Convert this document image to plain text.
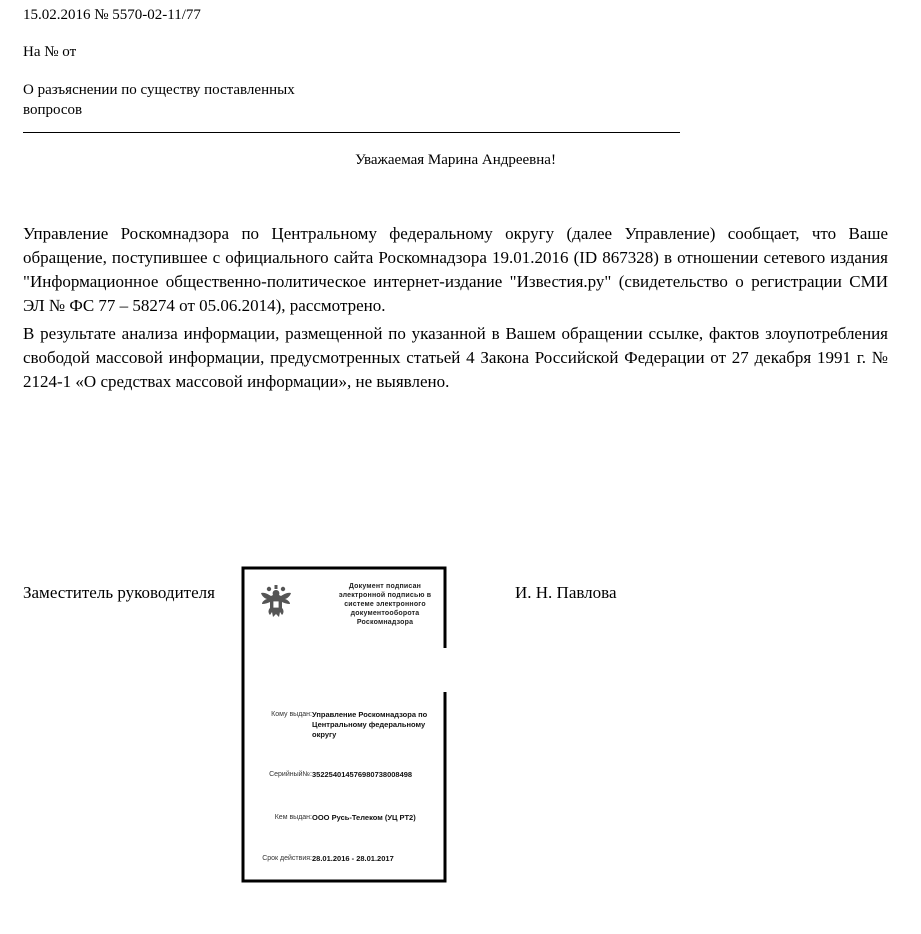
15.02.2016 № 5570-02-11/77
На № от
О разъяснении по существу поставленных вопросов
Уважаемая Марина Андреевна!

Управление Роскомнадзора по Центральному федеральному округу (далее Управление) сообщает, что Ваше обращение, поступившее с официального сайта Роскомнадзора 19.01.2016 (ID 867328) в отношении сетевого издания "Информационное общественно-политическое интернет-издание "Известия.ру" (свидетельство о регистрации СМИ ЭЛ № ФС 77 – 58274 от 05.06.2014), рассмотрено.

В результате анализа информации, размещенной по указанной в Вашем обращении ссылке, фактов злоупотребления свободой массовой информации, предусмотренных статьей 4 Закона Российской Федерации от 27 декабря 1991 г. № 2124-1 «О средствах массовой информации», не выявлено.

Заместитель руководителя	Документ подписан электронной подписью в системе электронного документооборота Роскомнадзора
Кому выдан: Управление Роскомнадзора по Центральному федеральному округу
Серийный№: 35225401457698073800849​8
Кем выдан: ООО Русь-Телеком (УЦ РТ2)
Срок действия: 28.01.2016 - 28.01.2017
И. Н. Павлова
